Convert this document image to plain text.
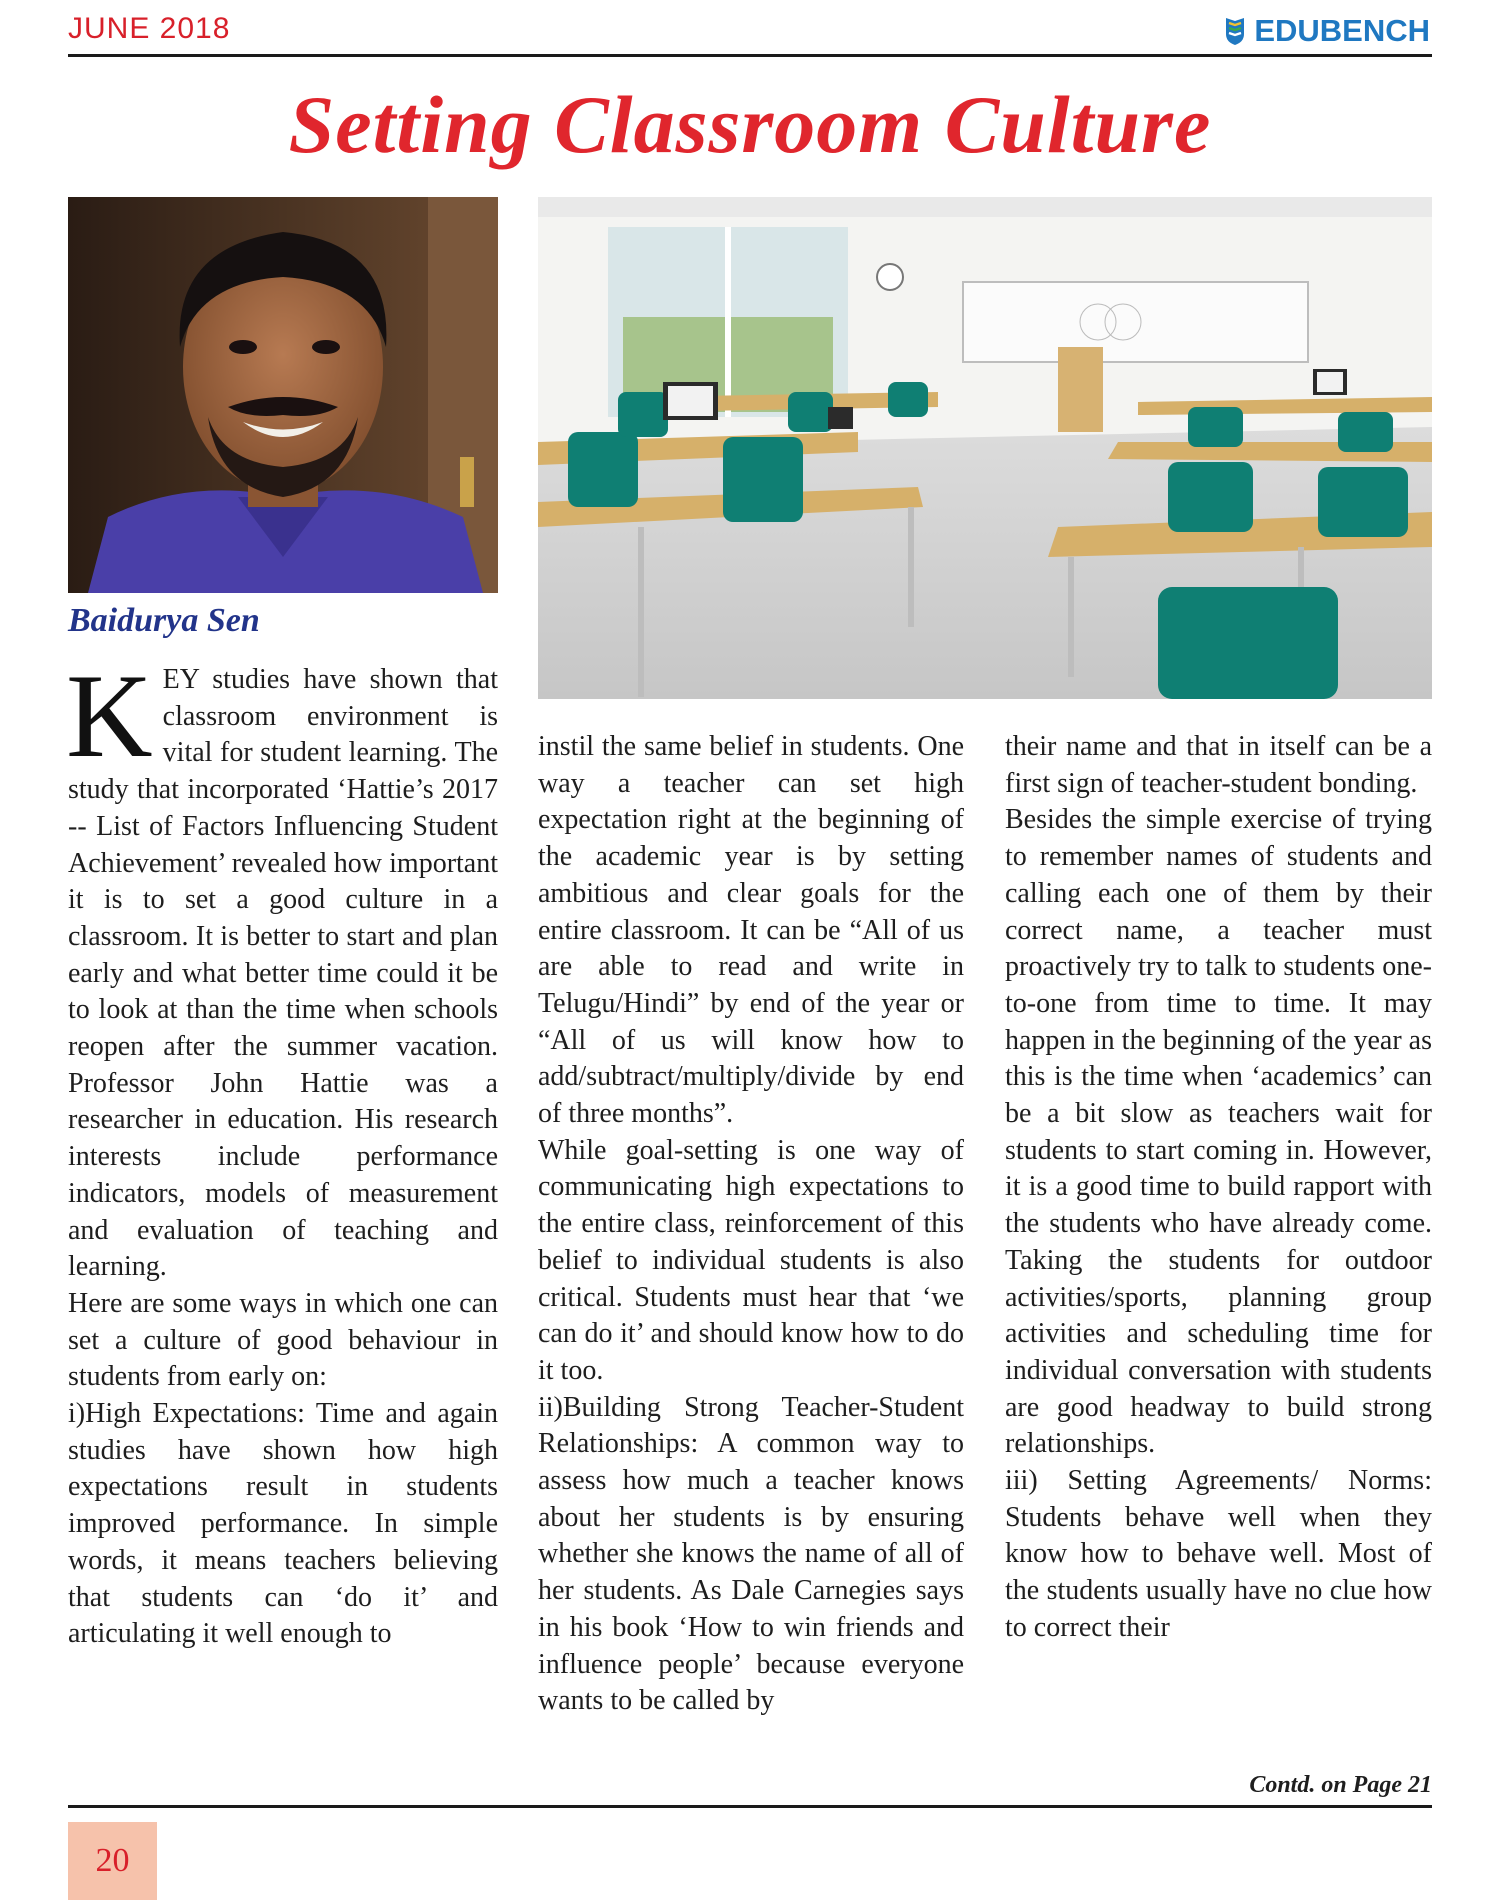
JUNE 2018	EDUBENCH
Setting Classroom Culture
Baidurya Sen
K EY studies have shown that classroom environment is vital for student learning. The study that incorporated ‘Hattie’s 2017 -- List of Factors Influencing Student Achievement’ revealed how important it is to set a good culture in a classroom. It is better to start and plan early and what better time could it be to look at than the time when schools reopen after the summer vacation. Professor John Hattie was a researcher in education. His research interests include performance indicators, models of measurement and evaluation of teaching and learning.

Here are some ways in which one can set a culture of good behaviour in students from early on:

i)High Expectations: Time and again studies have shown how high expectations result in students improved performance. In simple words, it means teachers believing that students can ‘do it’ and articulating it well enough to

instil the same belief in students. One way a teacher can set high expectation right at the beginning of the academic year is by setting ambitious and clear goals for the entire classroom. It can be “All of us are able to read and write in Telugu/Hindi” by end of the year or “All of us will know how to add/subtract/multiply/divide by end of three months”.

While goal-setting is one way of communicating high expectations to the entire class, reinforcement of this belief to individual students is also critical. Students must hear that ‘we can do it’ and should know how to do it too.

ii)Building Strong Teacher-Student Relationships: A common way to assess how much a teacher knows about her students is by ensuring whether she knows the name of all of her students. As Dale Carnegies says in his book ‘How to win friends and influence people’ because everyone wants to be called by

their name and that in itself can be a first sign of teacher-student bonding.

Besides the simple exercise of trying to remember names of students and calling each one of them by their correct name, a teacher must proactively try to talk to students one-to-one from time to time. It may happen in the beginning of the year as this is the time when ‘academics’ can be a bit slow as teachers wait for students to start coming in. However, it is a good time to build rapport with the students who have already come. Taking the students for outdoor activities/sports, planning group activities and scheduling time for individual conversation with students are good headway to build strong relationships.

iii) Setting Agreements/ Norms: Students behave well when they know how to behave well. Most of the students usually have no clue how to correct their

Contd. on Page 21
20
